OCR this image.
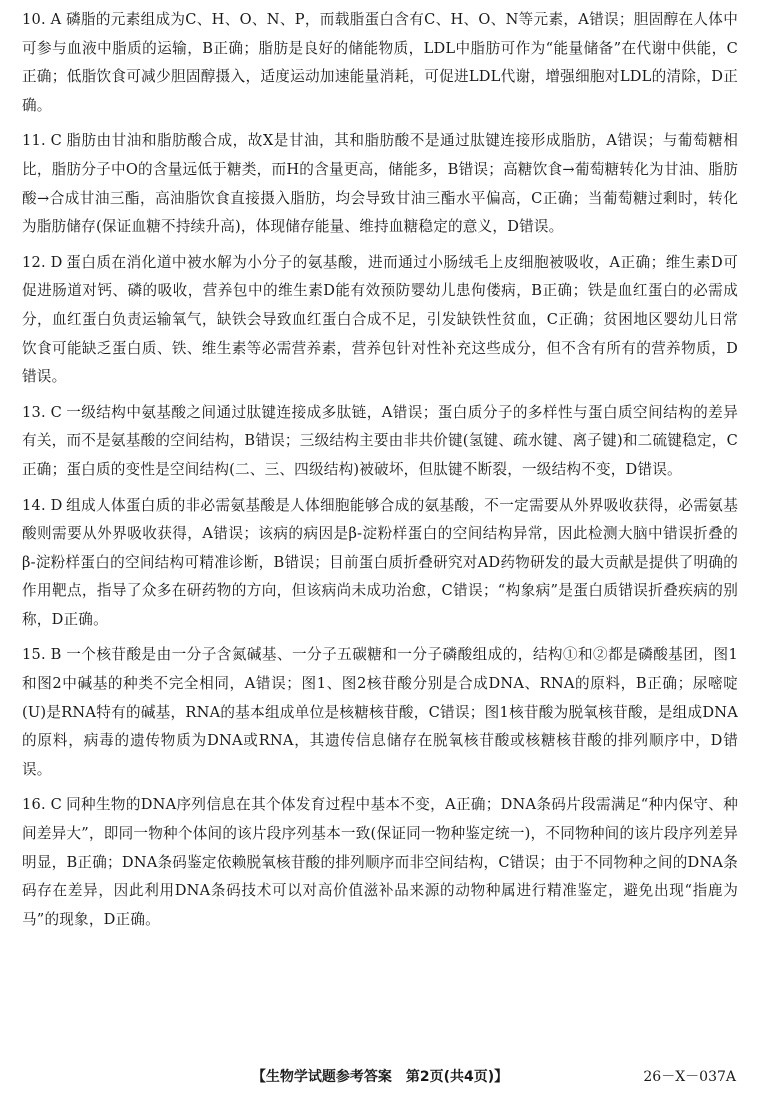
10. A 磷脂的元素组成为C、H、O、N、P，而载脂蛋白含有C、H、O、N等元素，A错误；胆固醇在人体中可参与血液中脂质的运输，B正确；脂肪是良好的储能物质，LDL中脂肪可作为“能量储备”在代谢中供能，C正确；低脂饮食可减少胆固醇摄入，适度运动加速能量消耗，可促进LDL代谢，增强细胞对LDL的清除，D正确。
11. C 脂肪由甘油和脂肪酸合成，故X是甘油，其和脂肪酸不是通过肽键连接形成脂肪，A错误；与葡萄糖相比，脂肪分子中O的含量远低于糖类，而H的含量更高，储能多，B错误；高糖饮食→葡萄糖转化为甘油、脂肪酸→合成甘油三酯，高油脂饮食直接摄入脂肪，均会导致甘油三酯水平偏高，C正确；当葡萄糖过剩时，转化为脂肪储存(保证血糖不持续升高)，体现储存能量、维持血糖稳定的意义，D错误。
12. D 蛋白质在消化道中被水解为小分子的氨基酸，进而通过小肠绒毛上皮细胞被吸收，A正确；维生素D可促进肠道对钙、磷的吸收，营养包中的维生素D能有效预防婴幼儿患佝偻病，B正确；铁是血红蛋白的必需成分，血红蛋白负责运输氧气，缺铁会导致血红蛋白合成不足，引发缺铁性贫血，C正确；贫困地区婴幼儿日常饮食可能缺乏蛋白质、铁、维生素等必需营养素，营养包针对性补充这些成分，但不含有所有的营养物质，D错误。
13. C 一级结构中氨基酸之间通过肽键连接成多肽链，A错误；蛋白质分子的多样性与蛋白质空间结构的差异有关，而不是氨基酸的空间结构，B错误；三级结构主要由非共价键(氢键、疏水键、离子键)和二硫键稳定，C正确；蛋白质的变性是空间结构(二、三、四级结构)被破坏，但肽键不断裂，一级结构不变，D错误。
14. D 组成人体蛋白质的非必需氨基酸是人体细胞能够合成的氨基酸，不一定需要从外界吸收获得，必需氨基酸则需要从外界吸收获得，A错误；该病的病因是β-淀粉样蛋白的空间结构异常，因此检测大脑中错误折叠的β-淀粉样蛋白的空间结构可精准诊断，B错误；目前蛋白质折叠研究对AD药物研发的最大贡献是提供了明确的作用靶点，指导了众多在研药物的方向，但该病尚未成功治愈，C错误；“构象病”是蛋白质错误折叠疾病的别称，D正确。
15. B 一个核苷酸是由一分子含氮碱基、一分子五碳糖和一分子磷酸组成的，结构①和②都是磷酸基团，图1和图2中碱基的种类不完全相同，A错误；图1、图2核苷酸分别是合成DNA、RNA的原料，B正确；尿嘧啶(U)是RNA特有的碱基，RNA的基本组成单位是核糖核苷酸，C错误；图1核苷酸为脱氧核苷酸，是组成DNA的原料，病毒的遗传物质为DNA或RNA，其遗传信息储存在脱氧核苷酸或核糖核苷酸的排列顺序中，D错误。
16. C 同种生物的DNA序列信息在其个体发育过程中基本不变，A正确；DNA条码片段需满足“种内保守、种间差异大”，即同一物种个体间的该片段序列基本一致(保证同一物种鉴定统一)，不同物种间的该片段序列差异明显，B正确；DNA条码鉴定依赖脱氧核苷酸的排列顺序而非空间结构，C错误；由于不同物种之间的DNA条码存在差异，因此利用DNA条码技术可以对高价值滋补品来源的动物种属进行精准鉴定，避免出现“指鹿为马”的现象，D正确。
【生物学试题参考答案　第2页(共4页)】	26－X－037A
